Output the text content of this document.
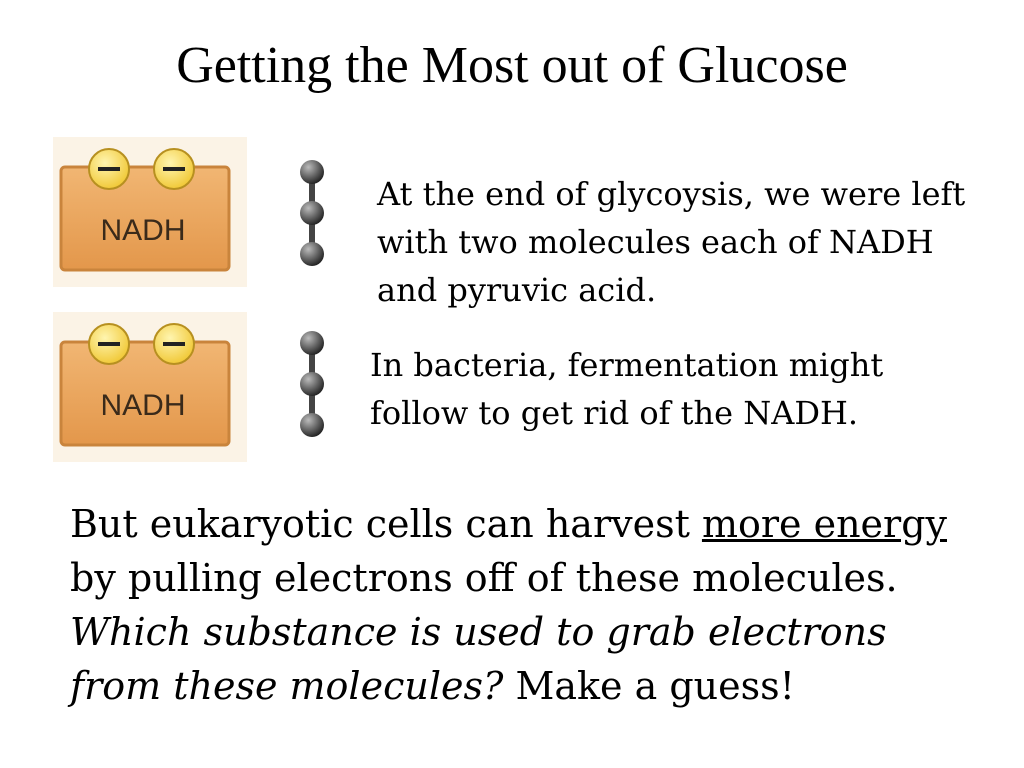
Getting the Most out of Glucose
NADH
At the end of glycoysis, we were left
with two molecules each of NADH
and pyruvic acid.
NADH
In bacteria, fermentation might
follow to get rid of the NADH.
But eukaryotic cells can harvest more energy
by pulling electrons off of these molecules.
Which substance is used to grab electrons
from these molecules? Make a guess!
